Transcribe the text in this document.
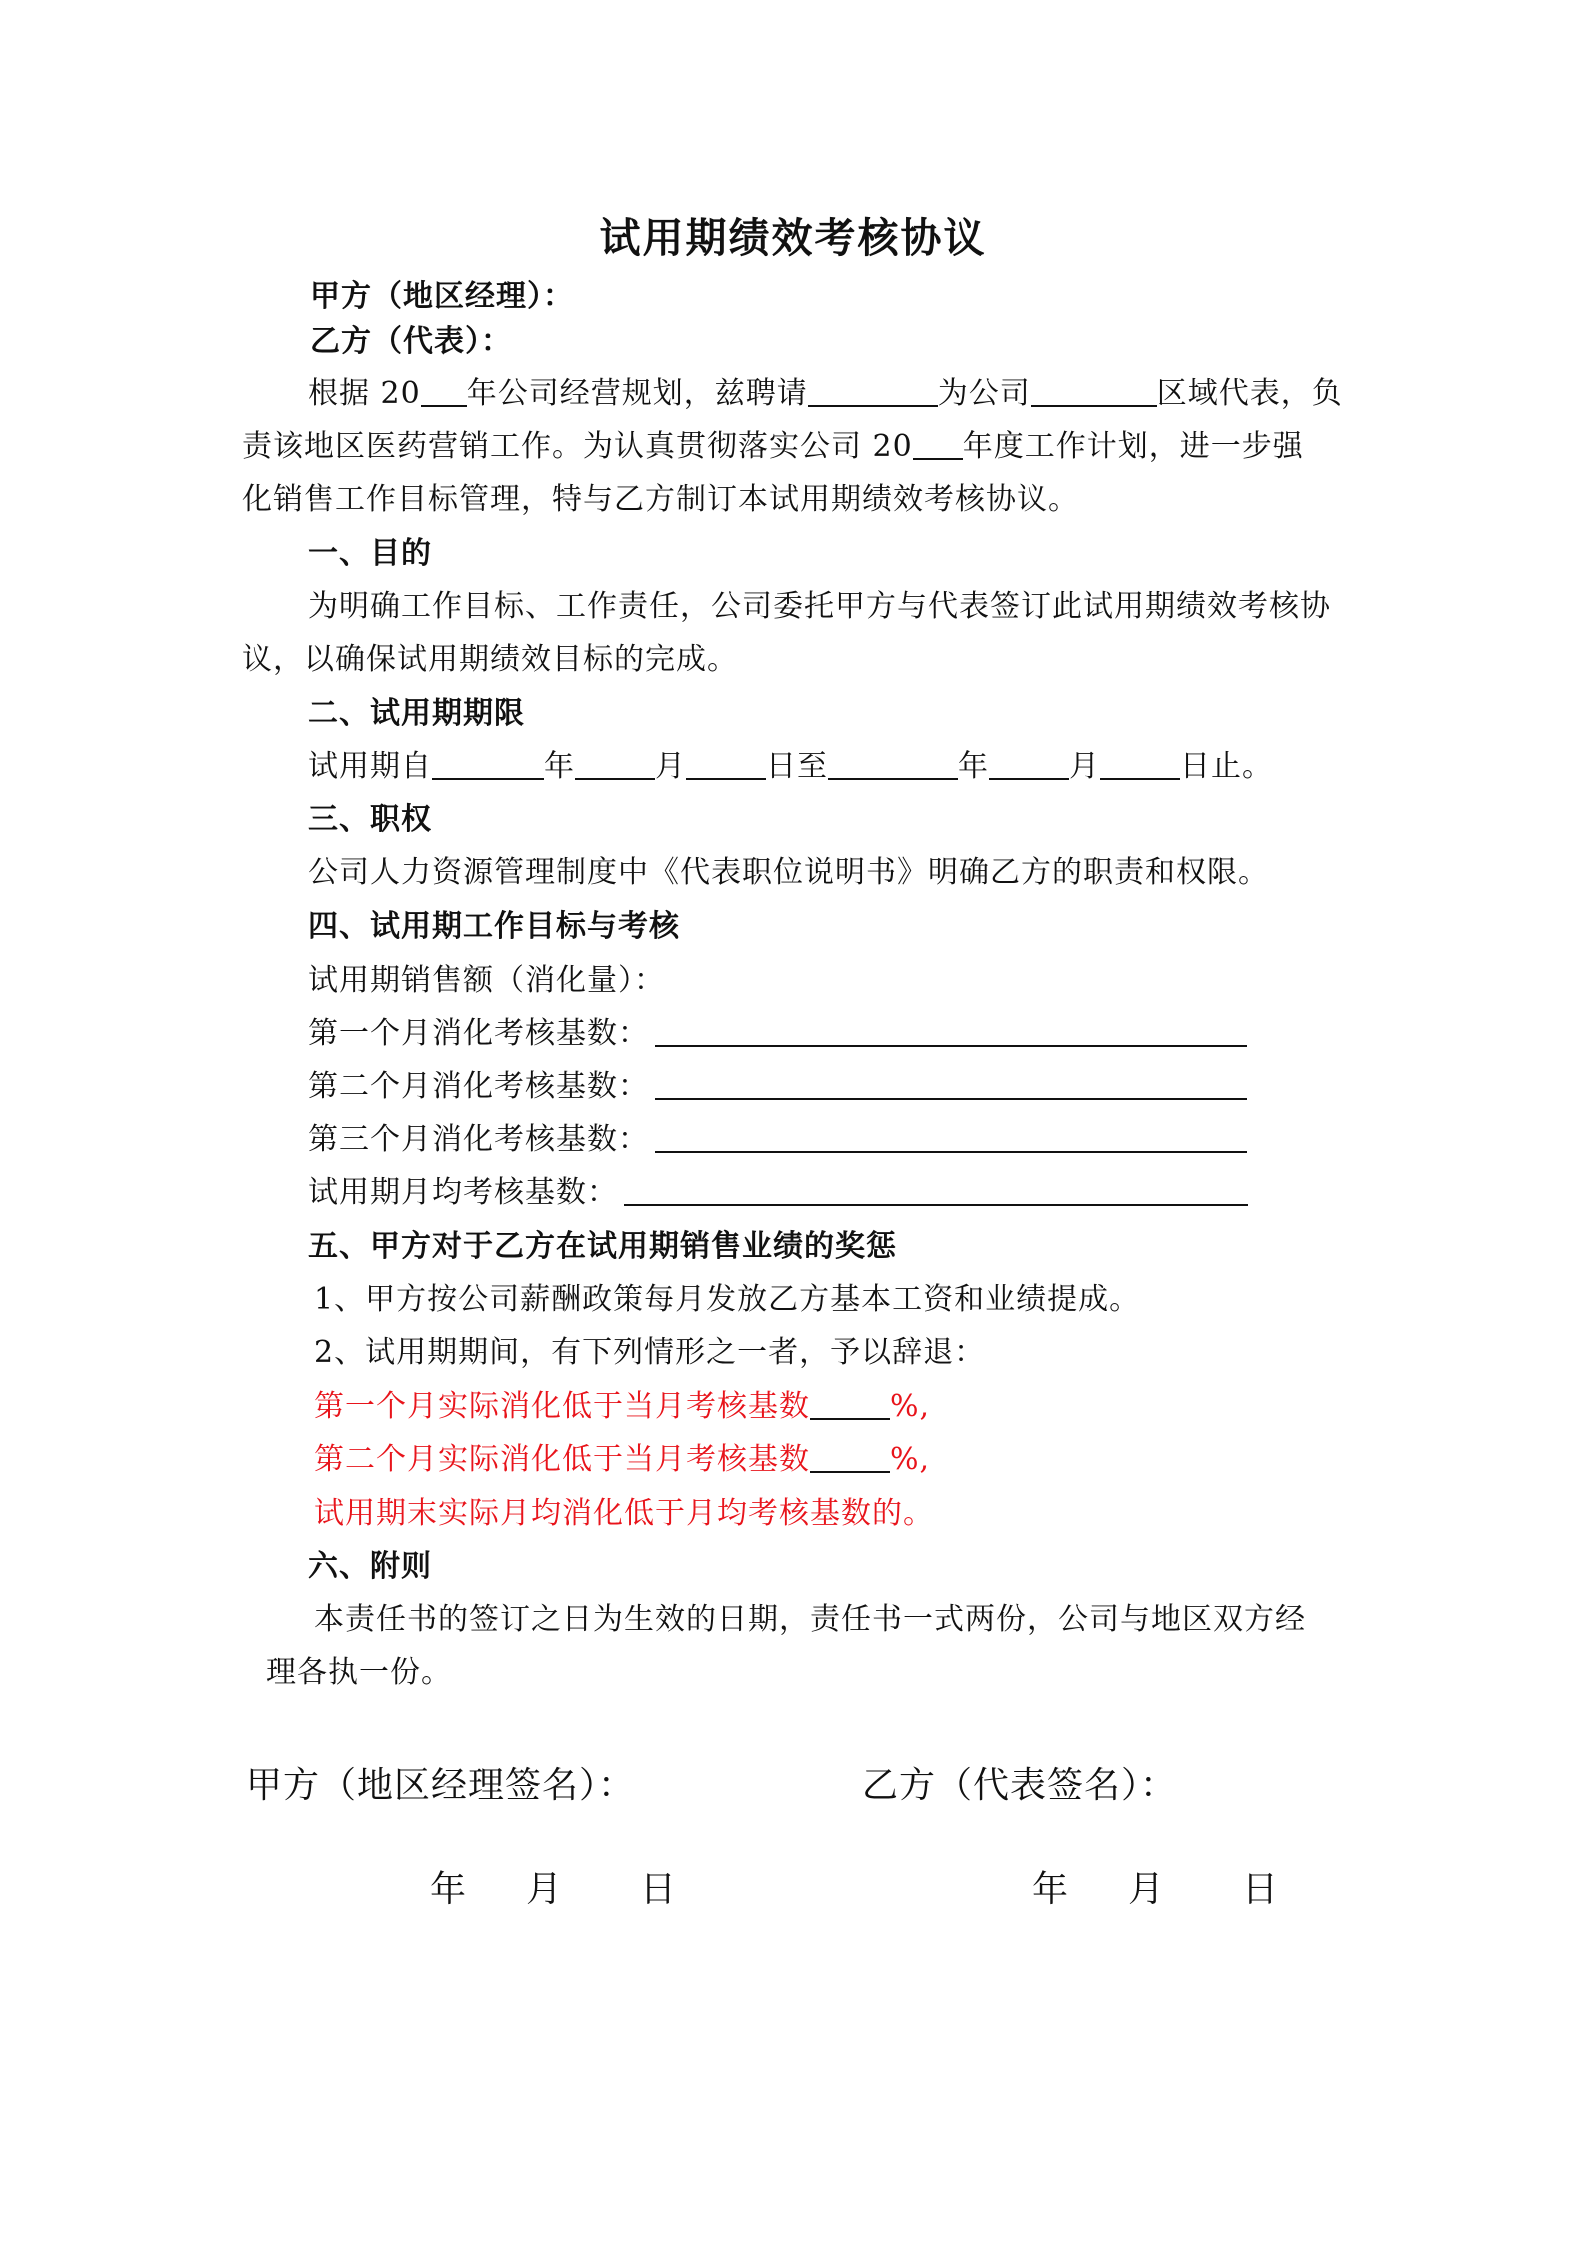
试用期绩效考核协议
甲方（地区经理）：
乙方（代表）：
根据 20 年公司经营规划，兹聘请	为公司	区域代表，负
责该地区医药营销工作。为认真贯彻落实公司 20 年度工作计划，进一步强
化销售工作目标管理，特与乙方制订本试用期绩效考核协议。
一、目的
为明确工作目标、工作责任，公司委托甲方与代表签订此试用期绩效考核协
议，以确保试用期绩效目标的完成。
二、试用期期限
试用期自	年	月	日至	年	月	日止。
三、职权
公司人力资源管理制度中《代表职位说明书》明确乙方的职责和权限。
四、试用期工作目标与考核
试用期销售额（消化量）：
第一个月消化考核基数：
第二个月消化考核基数：
第三个月消化考核基数：
试用期月均考核基数：
五、甲方对于乙方在试用期销售业绩的奖惩
1、甲方按公司薪酬政策每月发放乙方基本工资和业绩提成。
2、试用期期间，有下列情形之一者，予以辞退：
第一个月实际消化低于当月考核基数	%,
第二个月实际消化低于当月考核基数	%,
试用期末实际月均消化低于月均考核基数的。
六、附则
本责任书的签订之日为生效的日期，责任书一式两份，公司与地区双方经
理各执一份。
甲方（地区经理签名）：	乙方（代表签名）：
年 月 日	年 月 日
